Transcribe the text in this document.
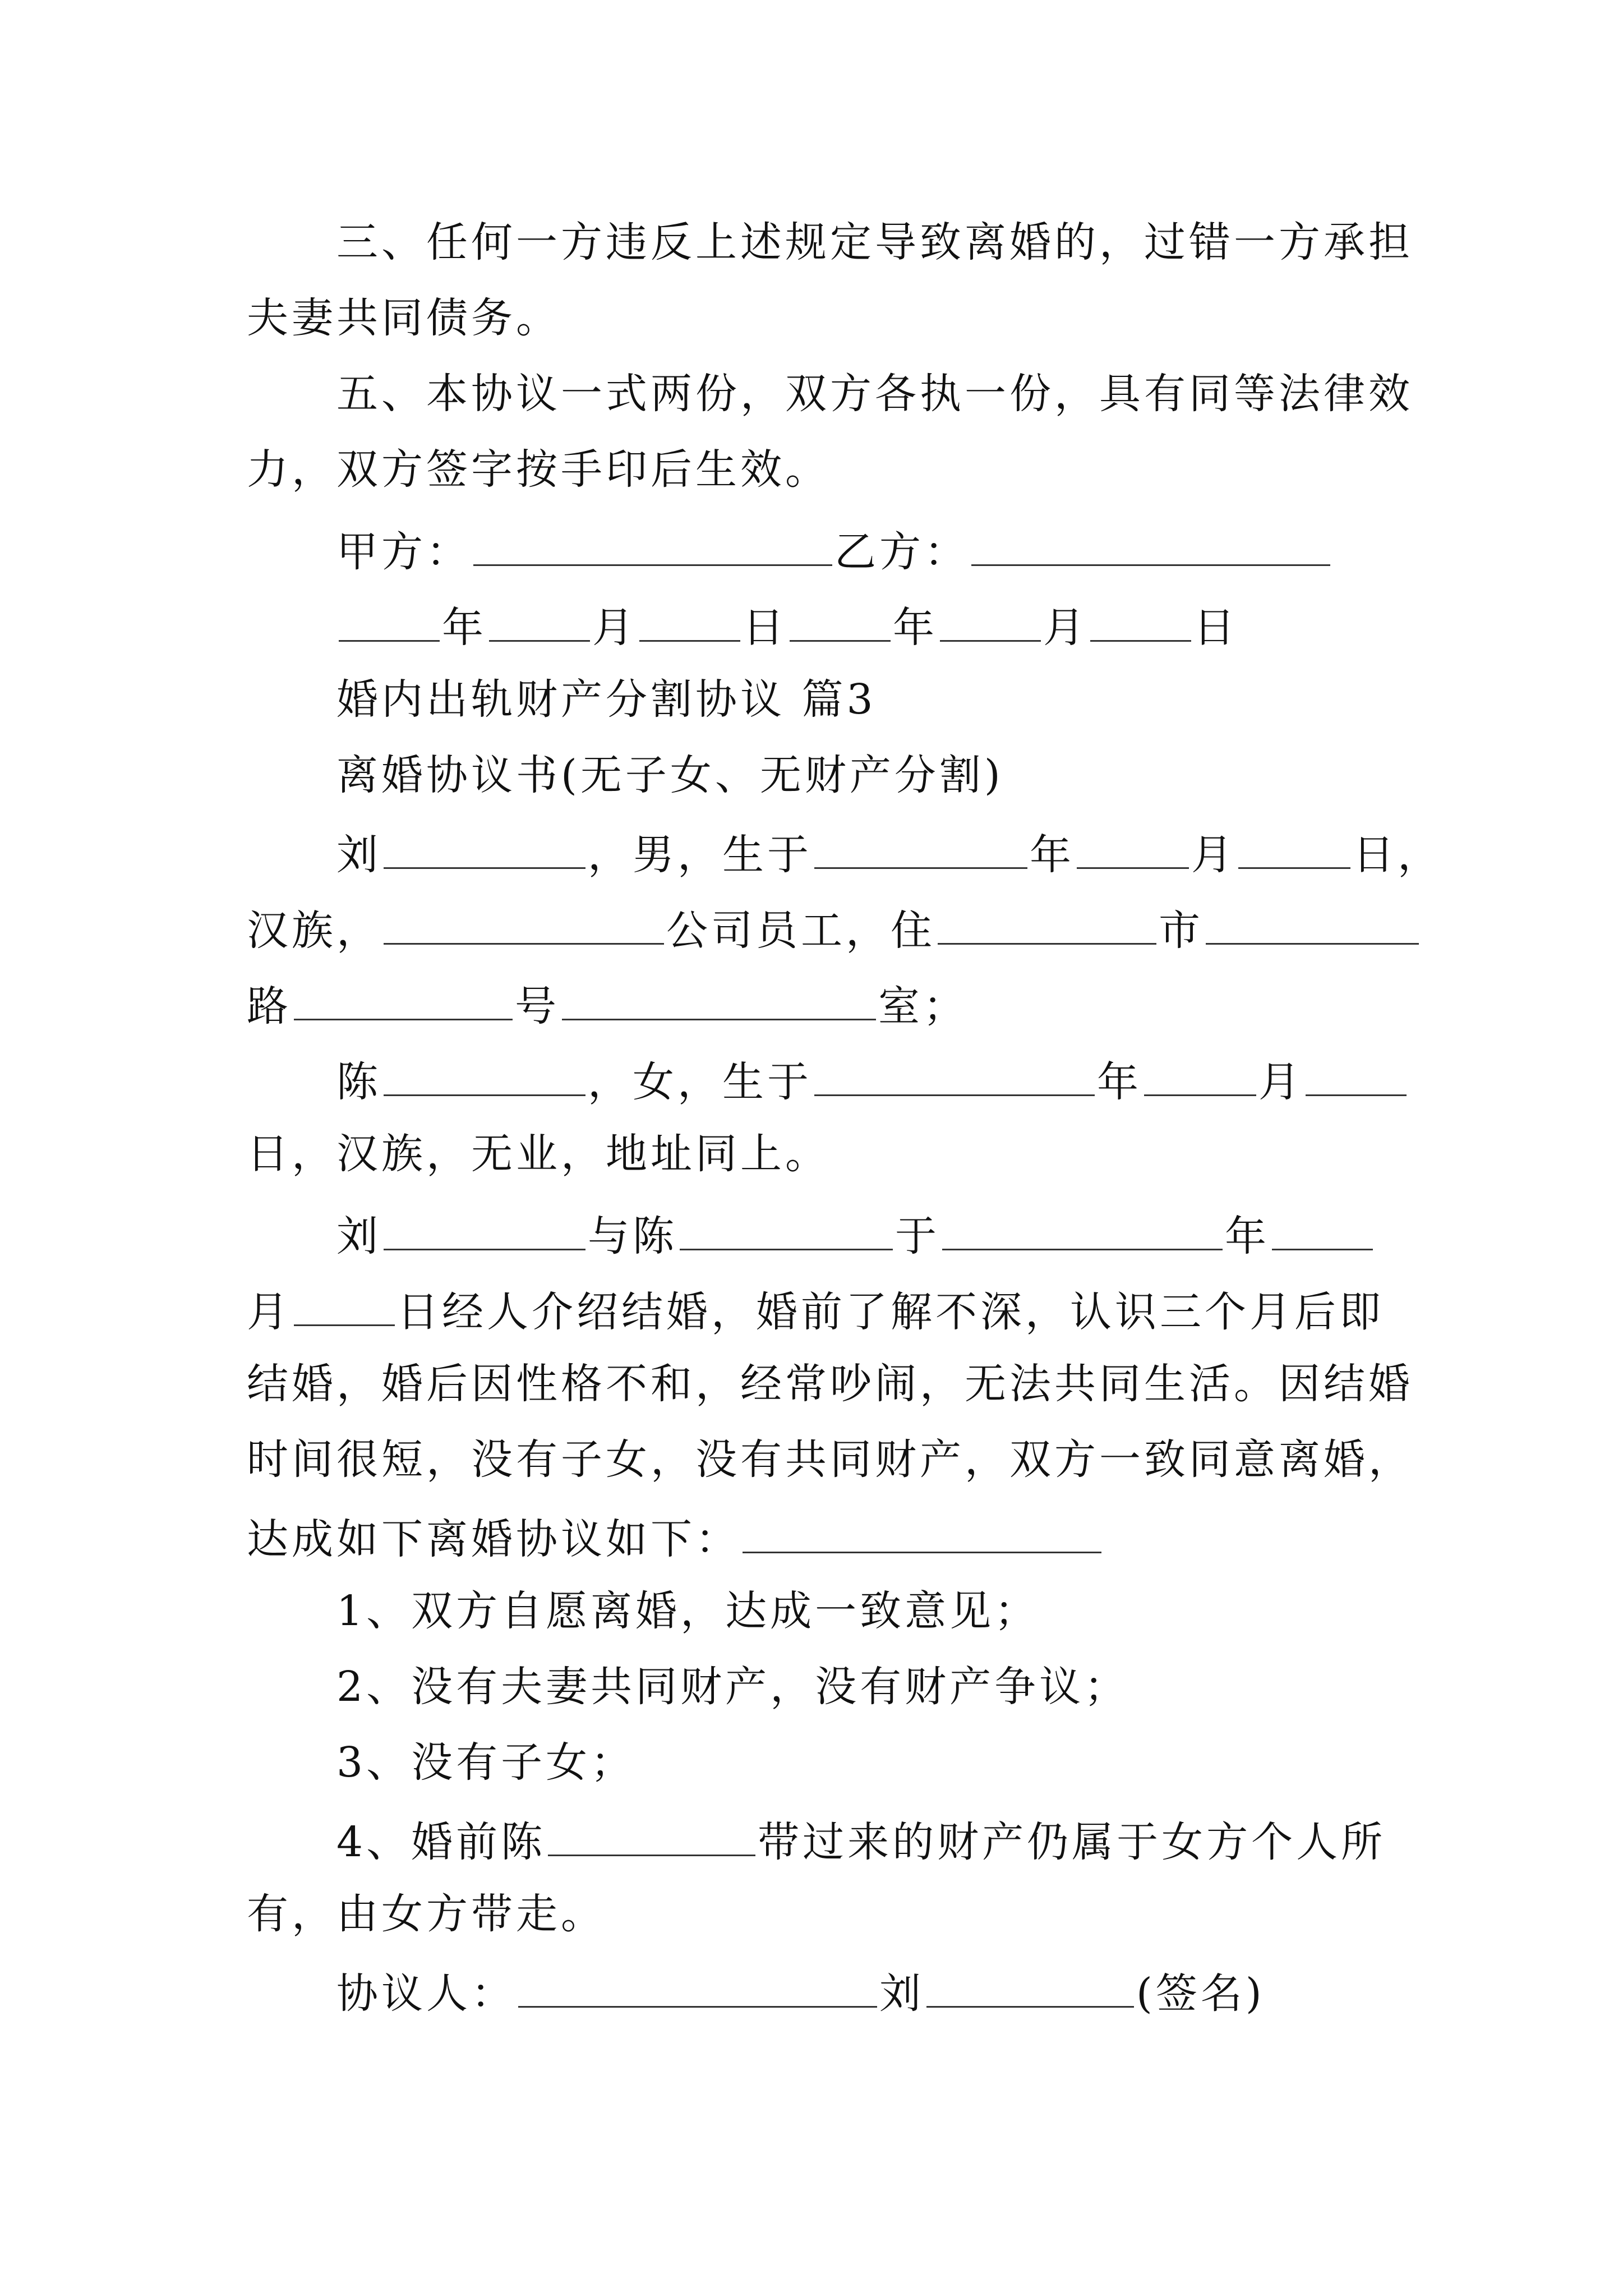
三、任何一方违反上述规定导致离婚的，过错一方承担
夫妻共同债务。
五、本协议一式两份，双方各执一份，具有同等法律效
力，双方签字按手印后生效。
甲方：	乙方：
年	月	日	年	月	日
婚内出轨财产分割协议 篇3
离婚协议书(无子女、无财产分割)
刘	，男，生于	年	月	日，
汉族，	公司员工，住	市
路	号	室；
陈	，女，生于	年	月
日，汉族，无业，地址同上。
刘	与陈	于	年
月	日经人介绍结婚，婚前了解不深，认识三个月后即
结婚，婚后因性格不和，经常吵闹，无法共同生活。因结婚
时间很短，没有子女，没有共同财产，双方一致同意离婚，
达成如下离婚协议如下：
1、双方自愿离婚，达成一致意见；
2、没有夫妻共同财产，没有财产争议；
3、没有子女；
4、婚前陈	带过来的财产仍属于女方个人所
有，由女方带走。
协议人：	刘	(签名)
